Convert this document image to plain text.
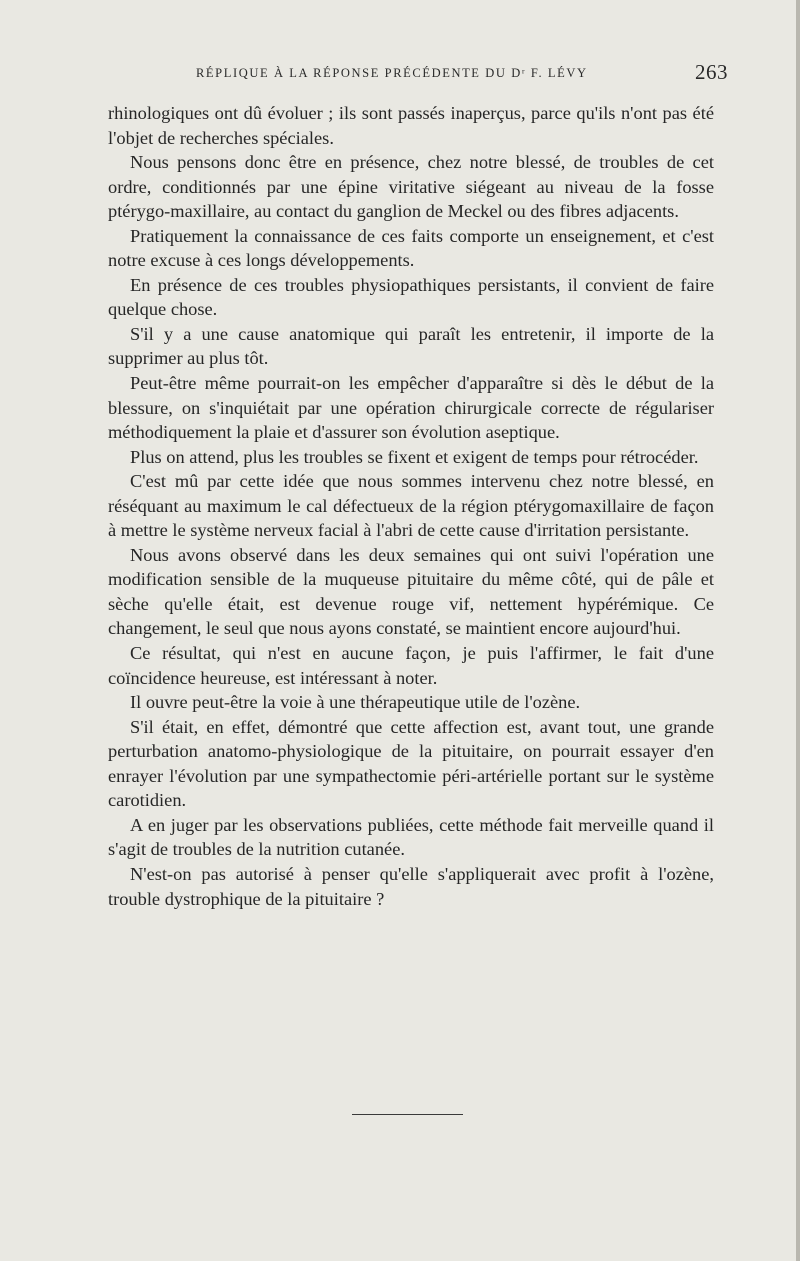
RÉPLIQUE À LA RÉPONSE PRÉCÉDENTE DU Dʳ F. LÉVY	263

rhinologiques ont dû évoluer ; ils sont passés inaperçus, parce qu'ils n'ont pas été l'objet de recherches spéciales.

Nous pensons donc être en présence, chez notre blessé, de troubles de cet ordre, conditionnés par une épine viritative siégeant au niveau de la fosse ptérygo-maxillaire, au contact du ganglion de Meckel ou des fibres adjacents.

Pratiquement la connaissance de ces faits comporte un enseignement, et c'est notre excuse à ces longs développements.

En présence de ces troubles physiopathiques persistants, il convient de faire quelque chose.

S'il y a une cause anatomique qui paraît les entretenir, il importe de la supprimer au plus tôt.

Peut-être même pourrait-on les empêcher d'apparaître si dès le début de la blessure, on s'inquiétait par une opération chirurgicale correcte de régulariser méthodiquement la plaie et d'assurer son évolution aseptique.

Plus on attend, plus les troubles se fixent et exigent de temps pour rétrocéder.

C'est mû par cette idée que nous sommes intervenu chez notre blessé, en réséquant au maximum le cal défectueux de la région ptérygomaxillaire de façon à mettre le système nerveux facial à l'abri de cette cause d'irritation persistante.

Nous avons observé dans les deux semaines qui ont suivi l'opération une modification sensible de la muqueuse pituitaire du même côté, qui de pâle et sèche qu'elle était, est devenue rouge vif, nettement hypérémique. Ce changement, le seul que nous ayons constaté, se maintient encore aujourd'hui.

Ce résultat, qui n'est en aucune façon, je puis l'affirmer, le fait d'une coïncidence heureuse, est intéressant à noter.

Il ouvre peut-être la voie à une thérapeutique utile de l'ozène.

S'il était, en effet, démontré que cette affection est, avant tout, une grande perturbation anatomo-physiologique de la pituitaire, on pourrait essayer d'en enrayer l'évolution par une sympathectomie péri-artérielle portant sur le système carotidien.

A en juger par les observations publiées, cette méthode fait merveille quand il s'agit de troubles de la nutrition cutanée.

N'est-on pas autorisé à penser qu'elle s'appliquerait avec profit à l'ozène, trouble dystrophique de la pituitaire ?
